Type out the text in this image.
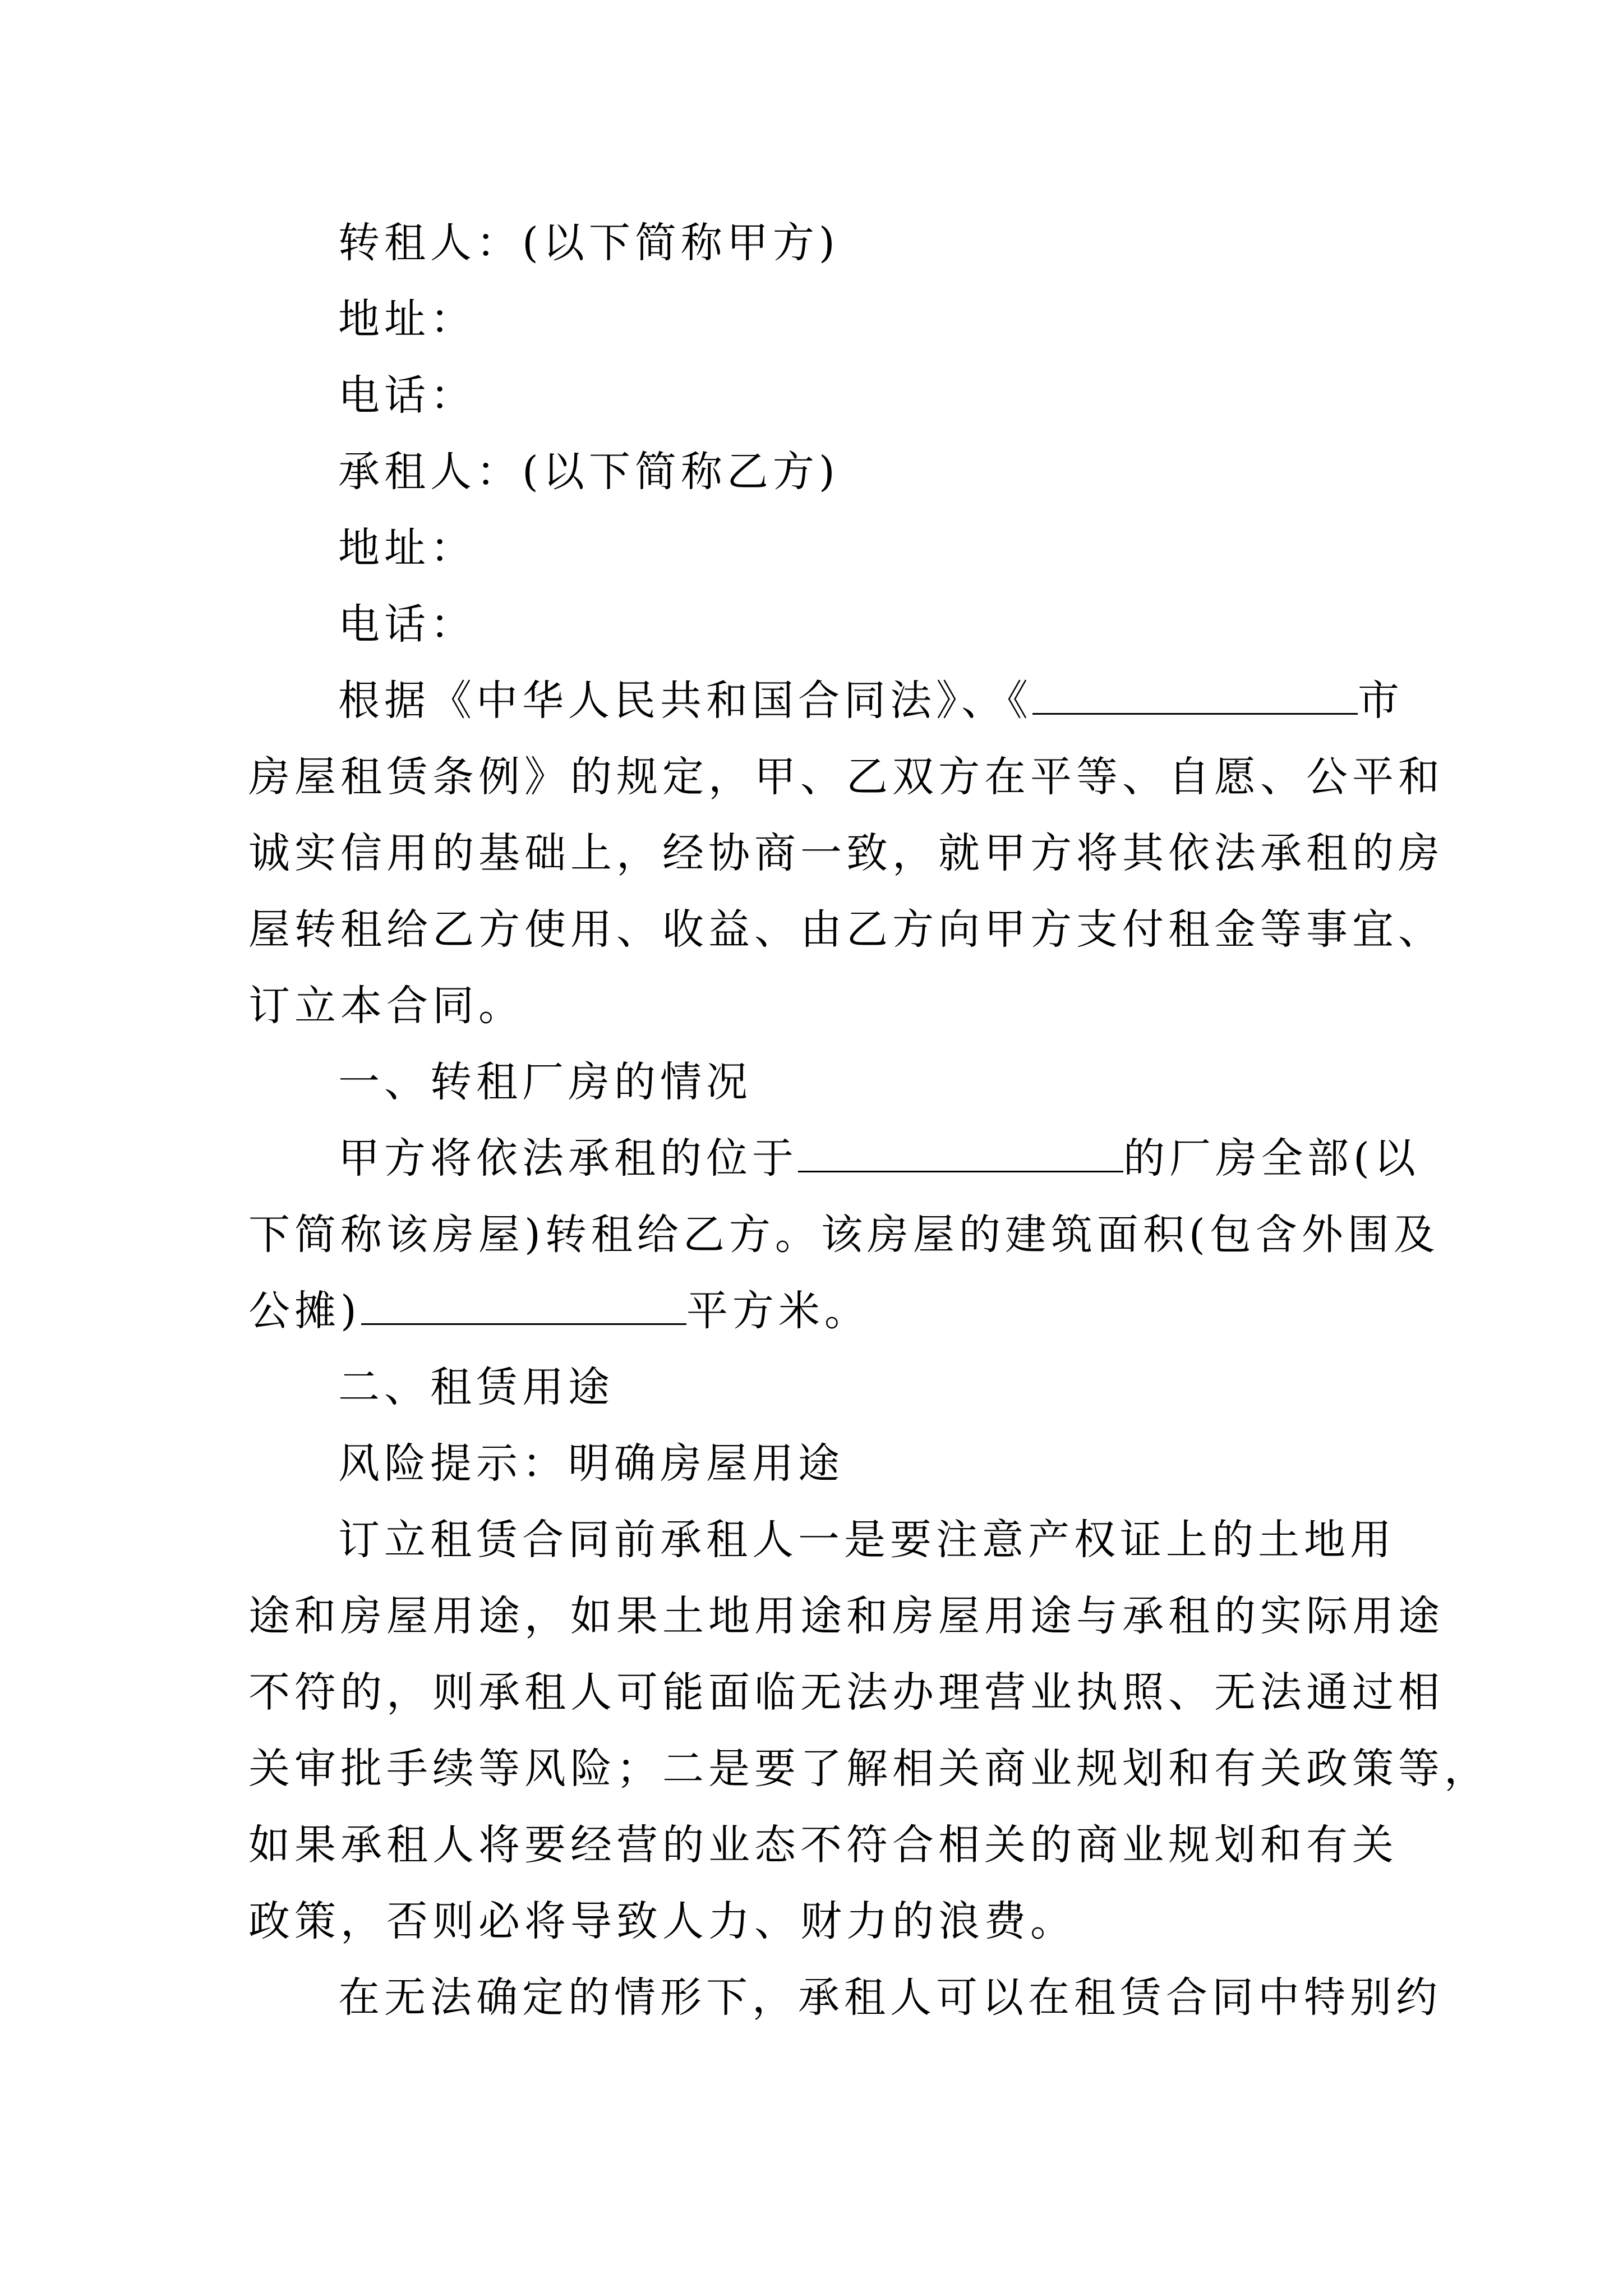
转租人：(以下简称甲方)
地址：
电话：
承租人：(以下简称乙方)
地址：
电话：
根据《中华人民共和国合同法》、《	市
房屋租赁条例》的规定，甲、乙双方在平等、自愿、公平和
诚实信用的基础上，经协商一致，就甲方将其依法承租的房
屋转租给乙方使用、收益、由乙方向甲方支付租金等事宜、
订立本合同。
一、转租厂房的情况
甲方将依法承租的位于	的厂房全部(以
下简称该房屋)转租给乙方。该房屋的建筑面积(包含外围及
公摊)	平方米。
二、租赁用途
风险提示：明确房屋用途
订立租赁合同前承租人一是要注意产权证上的土地用
途和房屋用途，如果土地用途和房屋用途与承租的实际用途
不符的，则承租人可能面临无法办理营业执照、无法通过相
关审批手续等风险；二是要了解相关商业规划和有关政策等，
如果承租人将要经营的业态不符合相关的商业规划和有关
政策，否则必将导致人力、财力的浪费。
在无法确定的情形下，承租人可以在租赁合同中特别约
